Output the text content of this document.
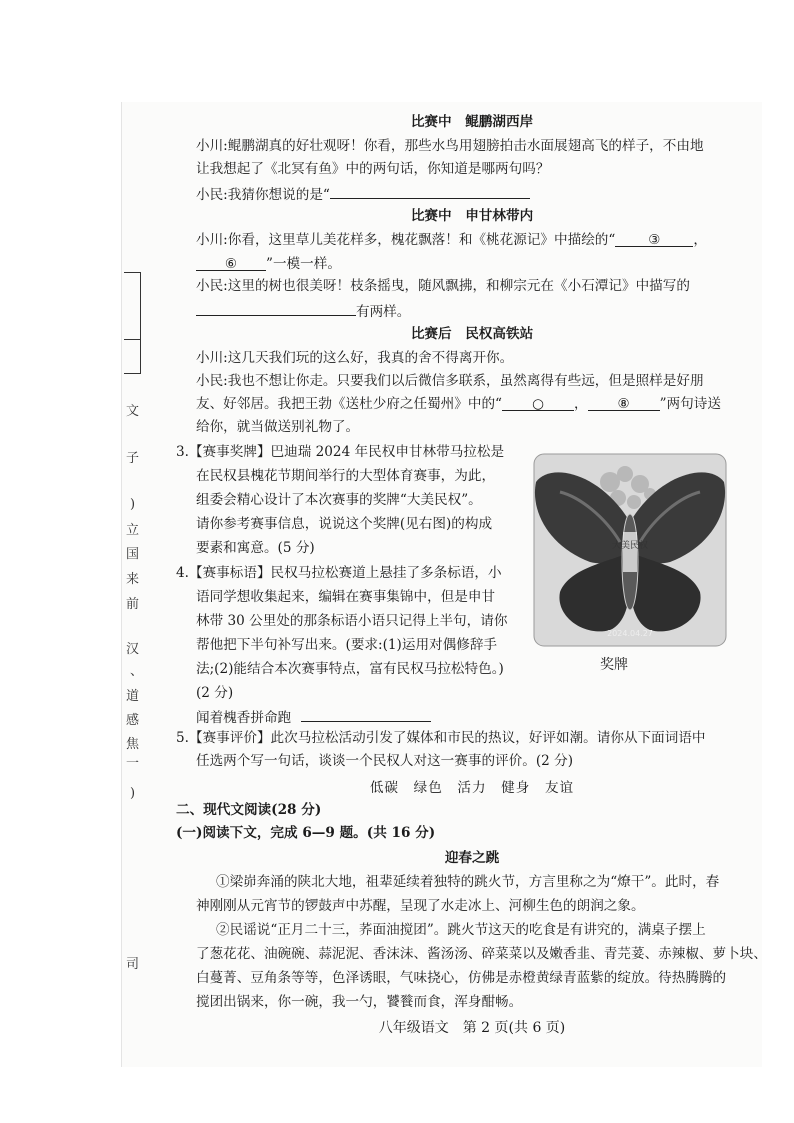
文
子
)
立
国
来
前
汉
、
道
感
焦
一
)
司
比赛中　鲲鹏湖西岸
小川:鲲鹏湖真的好壮观呀！你看，那些水鸟用翅膀拍击水面展翅高飞的样子，不由地
让我想起了《北冥有鱼》中的两句话，你知道是哪两句吗？
小民:我猜你想说的是“
比赛中　申甘林带内
小川:你看，这里草儿美花样多，槐花飘落！和《桃花源记》中描绘的“ ③ ，
⑥ ”一模一样。
小民:这里的树也很美呀！枝条摇曳，随风飘拂，和柳宗元在《小石潭记》中描写的
有两样。
比赛后　民权高铁站
小川:这几天我们玩的这么好，我真的舍不得离开你。
小民:我也不想让你走。只要我们以后微信多联系，虽然离得有些远，但是照样是好朋
友、好邻居。我把王勃《送杜少府之任蜀州》中的“ ○ ， ⑧ ”两句诗送
给你，就当做送别礼物了。
3.【赛事奖牌】巴迪瑞 2024 年民权申甘林带马拉松是
在民权县槐花节期间举行的大型体育赛事，为此，
组委会精心设计了本次赛事的奖牌“大美民权”。
请你参考赛事信息，说说这个奖牌(见右图)的构成
要素和寓意。(5 分)
4.【赛事标语】民权马拉松赛道上悬挂了多条标语，小
语同学想收集起来，编辑在赛事集锦中，但是申甘
林带 30 公里处的那条标语小语只记得上半句，请你
帮他把下半句补写出来。(要求:(1)运用对偶修辞手
法;(2)能结合本次赛事特点，富有民权马拉松特色。)
(2 分)
闻着槐香拼命跑
大美民权
2024.04.27
奖牌
5.【赛事评价】此次马拉松活动引发了媒体和市民的热议，好评如潮。请你从下面词语中
任选两个写一句话，谈谈一个民权人对这一赛事的评价。(2 分)
低碳　绿色　活力　健身　友谊
二、现代文阅读(28 分)
(一)阅读下文，完成 6—9 题。(共 16 分)
迎春之跳
①梁峁奔涌的陕北大地，祖辈延续着独特的跳火节，方言里称之为“燎干”。此时，春
神刚刚从元宵节的锣鼓声中苏醒，呈现了水走冰上、河柳生色的朗润之象。
②民谣说“正月二十三，荞面油搅团”。跳火节这天的吃食是有讲究的，满桌子摆上
了葱花花、油碗碗、蒜泥泥、香沫沫、酱汤汤、碎菜菜以及嫩香韭、青芫荽、赤辣椒、萝卜块、
白蔓菁、豆角条等等，色泽诱眼，气味挠心，仿佛是赤橙黄绿青蓝紫的绽放。待热腾腾的
搅团出锅来，你一碗，我一勺，饕餮而食，浑身酣畅。
八年级语文　第 2 页(共 6 页)
